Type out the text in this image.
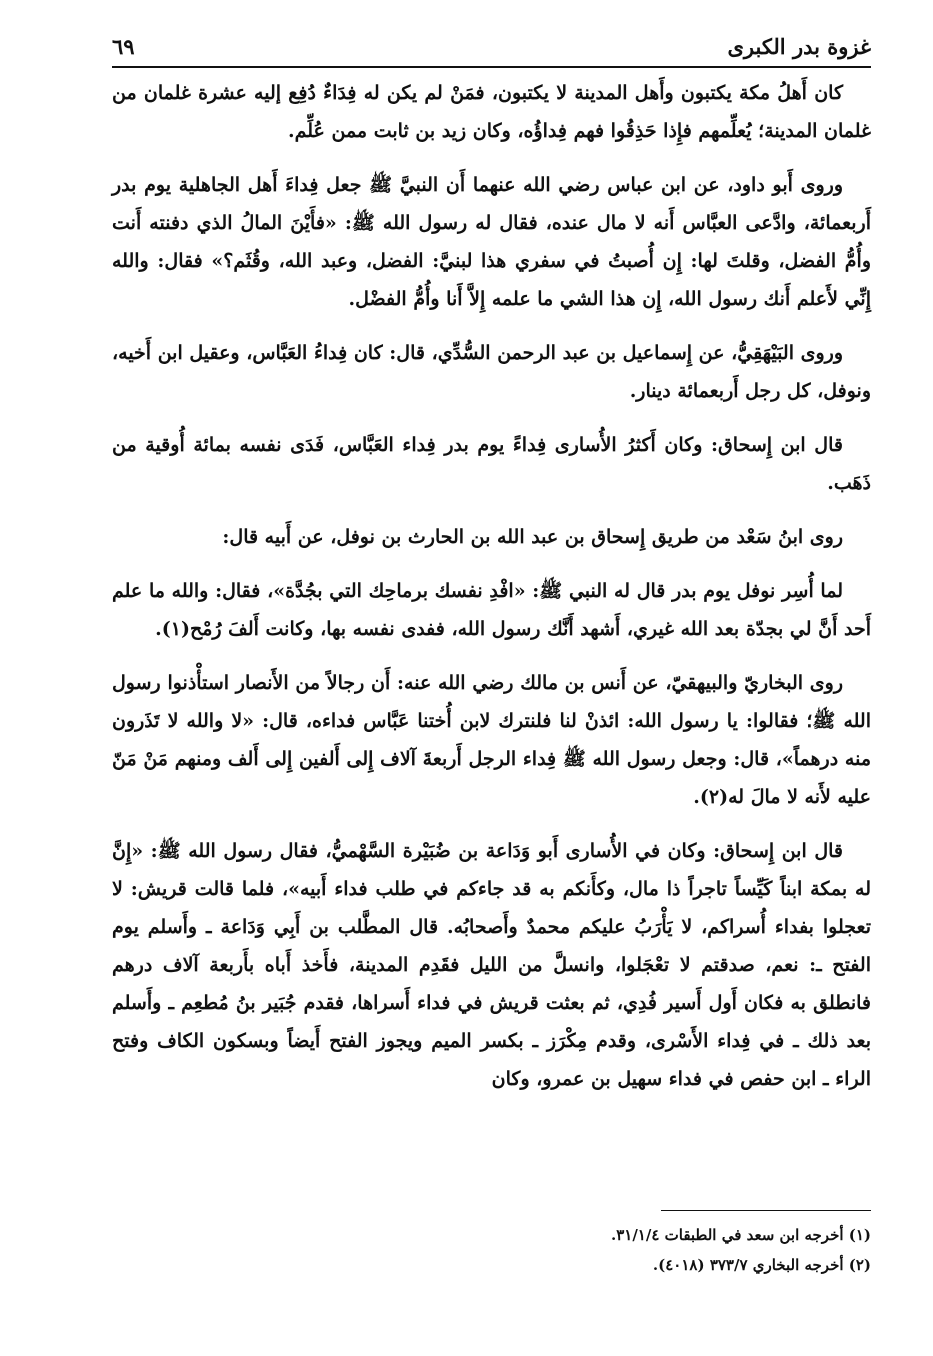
غزوة بدر الكبرى
٦٩

كان أَهلُ مكة يكتبون وأَهل المدينة لا يكتبون، فمَنْ لم يكن له فِدَاءٌ دُفِع إليه عشرة غلمان من غلمان المدينة؛ يُعلِّمهم فإِذا حَذِقُوا فهم فِداؤُه، وكان زيد بن ثابت ممن عُلِّم.

وروى أَبو داود، عن ابن عباس رضي الله عنهما أَن النبيَّ ﷺ جعل فِداءَ أَهل الجاهلية يوم بدر أَربعمائة، وادَّعى العبَّاس أَنه لا مال عنده، فقال له رسول الله ﷺ: «فأَيْنَ المالُ الذي دفنته أَنت وأُمُّ الفضل، وقلتَ لها: إِن أُصبتُ في سفري هذا لبنيَّ: الفضل، وعبد الله، وقُثَم؟» فقال: والله إِنِّي لأَعلم أَنك رسول الله، إِن هذا الشي ما علمه إِلاَّ أَنا وأُمُّ الفضْل.

وروى البَيْهَقِيُّ، عن إِسماعيل بن عبد الرحمن السُّدِّي، قال: كان فِداءُ العَبَّاس، وعقيل ابن أَخيه، ونوفل، كل رجل أَربعمائة دينار.

قال ابن إِسحاق: وكان أَكثرُ الأُسارى فِداءً يوم بدر فِداء العَبَّاس، فَدَى نفسه بمائة أُوقية من ذَهَب.

روى ابنُ سَعْد من طريق إِسحاق بن عبد الله بن الحارث بن نوفل، عن أَبيه قال:

لما أُسِر نوفل يوم بدر قال له النبي ﷺ: «افْدِ نفسك برماحِك التي بجُدَّة»، فقال: والله ما علم أَحد أَنَّ لي بجدّة بعد الله غيري، أَشهد أَنَّك رسول الله، ففدى نفسه بها، وكانت أَلفَ رُمْح(١).

روى البخاريّ والبيهقيّ، عن أَنس بن مالك رضي الله عنه: أَن رجالاً من الأَنصار استأْذنوا رسول الله ﷺ؛ فقالوا: يا رسول الله: ائذنْ لنا فلنترك لابن أُختنا عَبَّاس فداءه، قال: «لا والله لا تَذَرون منه درهماً»، قال: وجعل رسول الله ﷺ فِداء الرجل أَربعةَ آلاف إِلى أَلفين إِلى أَلف ومنهم مَنْ مَنّ عليه لأَنه لا مالَ له(٢).

قال ابن إِسحاق: وكان في الأُسارى أَبو وَدَاعة بن ضُبَيْرة السَّهْميُّ، فقال رسول الله ﷺ: «إِنَّ له بمكة ابناً كَيِّساً تاجراً ذا مال، وكأَنكم به قد جاءكم في طلب فداء أَبيه»، فلما قالت قريش: لا تعجلوا بفداء أُسراكم، لا يَأْرَبُ عليكم محمدٌ وأَصحابُه. قال المطَّلب بن أَبِي وَدَاعة ـ وأَسلم يوم الفتح ـ: نعم، صدقتم لا تعْجَلوا، وانسلَّ من الليل فقَدِم المدينة، فأَخذ أَباه بأَربعة آلاف درهم فانطلق به فكان أَول أَسير فُدِي، ثم بعثت قريش في فداء أَسراها، فقدم جُبَير بنُ مُطعِم ـ وأَسلم بعد ذلك ـ في فِداء الأَسْرى، وقدم مِكْرَز ـ بكسر الميم ويجوز الفتح أَيضاً وبسكون الكاف وفتح الراء ـ ابن حفص في فداء سهيل بن عمرو، وكان

(١) أخرجه ابن سعد في الطبقات ٣١/١/٤.
(٢) أخرجه البخاري ٣٧٣/٧ (٤٠١٨).
